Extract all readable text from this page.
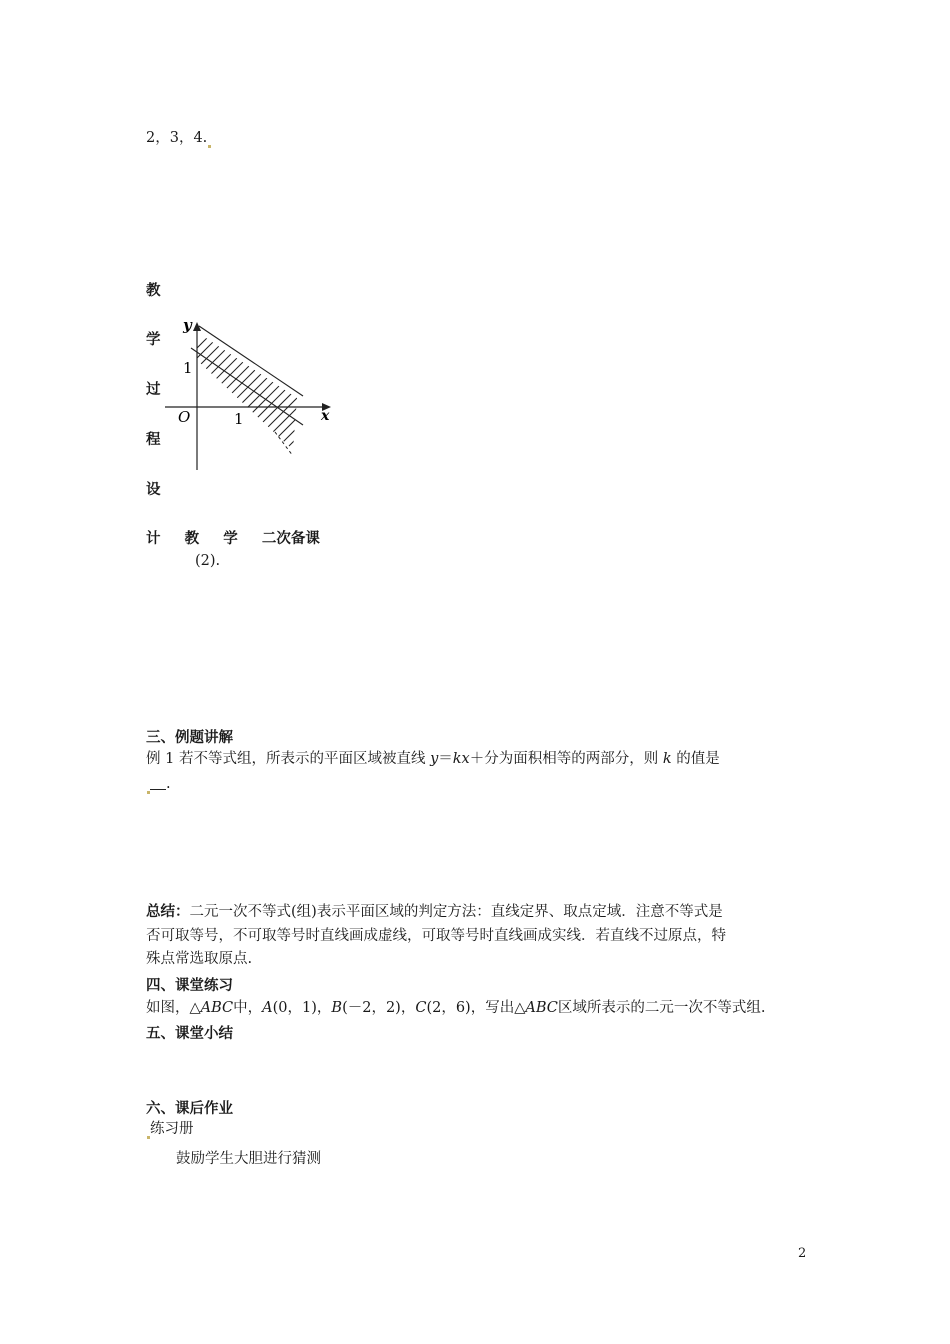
2，3，4.
教
学
过
程
设
计 教 学 二次备课
y
x
O
1
1
(2).
三、例题讲解
例 1 若不等式组，所表示的平面区域被直线 y＝kx＋分为面积相等的两部分，则 k 的值是
.
总结：二元一次不等式(组)表示平面区域的判定方法：直线定界、取点定域．注意不等式是
否可取等号，不可取等号时直线画成虚线，可取等号时直线画成实线．若直线不过原点，特
殊点常选取原点.
四、课堂练习
如图，△ABC中，A(0，1)，B(－2，2)，C(2，6)，写出△ABC区域所表示的二元一次不等式组.
五、课堂小结
六、课后作业
练习册
鼓励学生大胆进行猜测
2
